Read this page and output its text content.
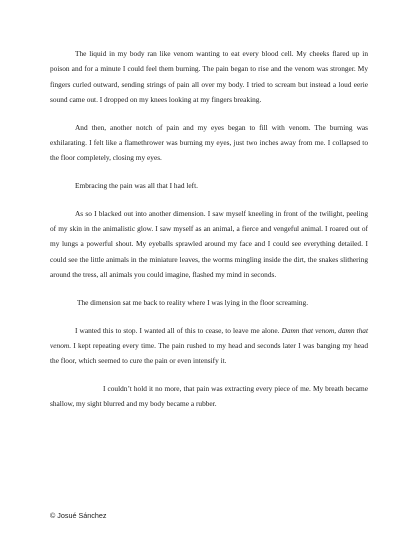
The liquid in my body ran like venom wanting to eat every blood cell. My cheeks flared up in poison and for a minute I could feel them burning. The pain began to rise and the venom was stronger. My fingers curled outward, sending strings of pain all over my body. I tried to scream but instead a loud eerie sound came out. I dropped on my knees looking at my fingers breaking.

And then, another notch of pain and my eyes began to fill with venom. The burning was exhilarating. I felt like a flamethrower was burning my eyes, just two inches away from me. I collapsed to the floor completely, closing my eyes.

Embracing the pain was all that I had left.

As so I blacked out into another dimension. I saw myself kneeling in front of the twilight, peeling of my skin in the animalistic glow. I saw myself as an animal, a fierce and vengeful animal. I roared out of my lungs a powerful shout. My eyeballs sprawled around my face and I could see everything detailed. I could see the little animals in the miniature leaves, the worms mingling inside the dirt, the snakes slithering around the tress, all animals you could imagine, flashed my mind in seconds.

The dimension sat me back to reality where I was lying in the floor screaming.

I wanted this to stop. I wanted all of this to cease, to leave me alone. Damn that venom, damn that venom. I kept repeating every time. The pain rushed to my head and seconds later I was banging my head the floor, which seemed to cure the pain or even intensify it.

I couldn’t hold it no more, that pain was extracting every piece of me. My breath became shallow, my sight blurred and my body became a rubber.

© Josué Sánchez
